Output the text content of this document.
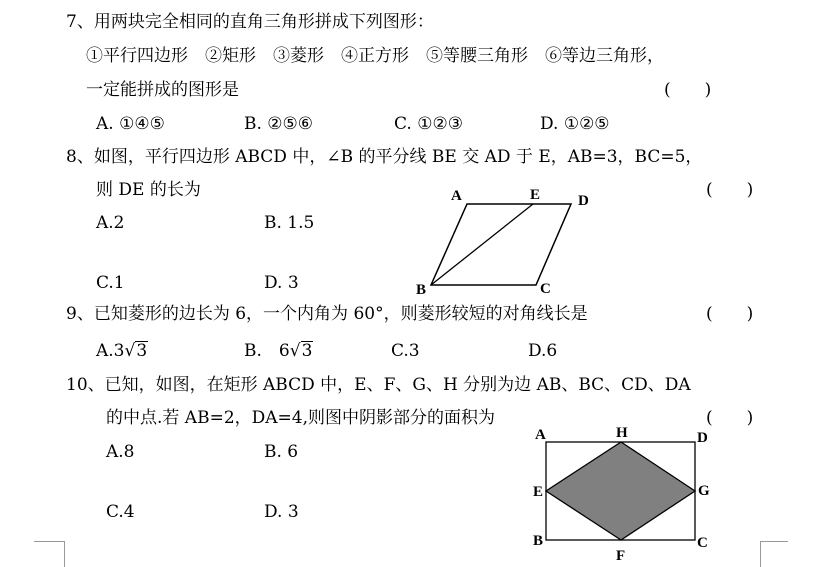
7、用两块完全相同的直角三角形拼成下列图形：
①平行四边形　②矩形　③菱形　④正方形　⑤等腰三角形　⑥等边三角形，
一定能拼成的图形是	(　　)
A. ①④⑤	B. ②⑤⑥	C. ①②③	D. ①②⑤
8、如图，平行四边形 ABCD 中，∠B 的平分线 BE 交 AD 于 E，AB=3，BC=5，
则 DE 的长为	(　　)
A.2	B. 1.5
C.1	D. 3
A	E	D
B	C
9、已知菱形的边长为 6，一个内角为 60°，则菱形较短的对角线长是	(　　)
A.3√3	B.　6√3	C.3	D.6
10、已知，如图，在矩形 ABCD 中，E、F、G、H 分别为边 AB、BC、CD、DA
的中点.若 AB=2，DA=4,则图中阴影部分的面积为	(　　)
A.8	B. 6
C.4	D. 3
A	H	D
E	G
B
F
C
